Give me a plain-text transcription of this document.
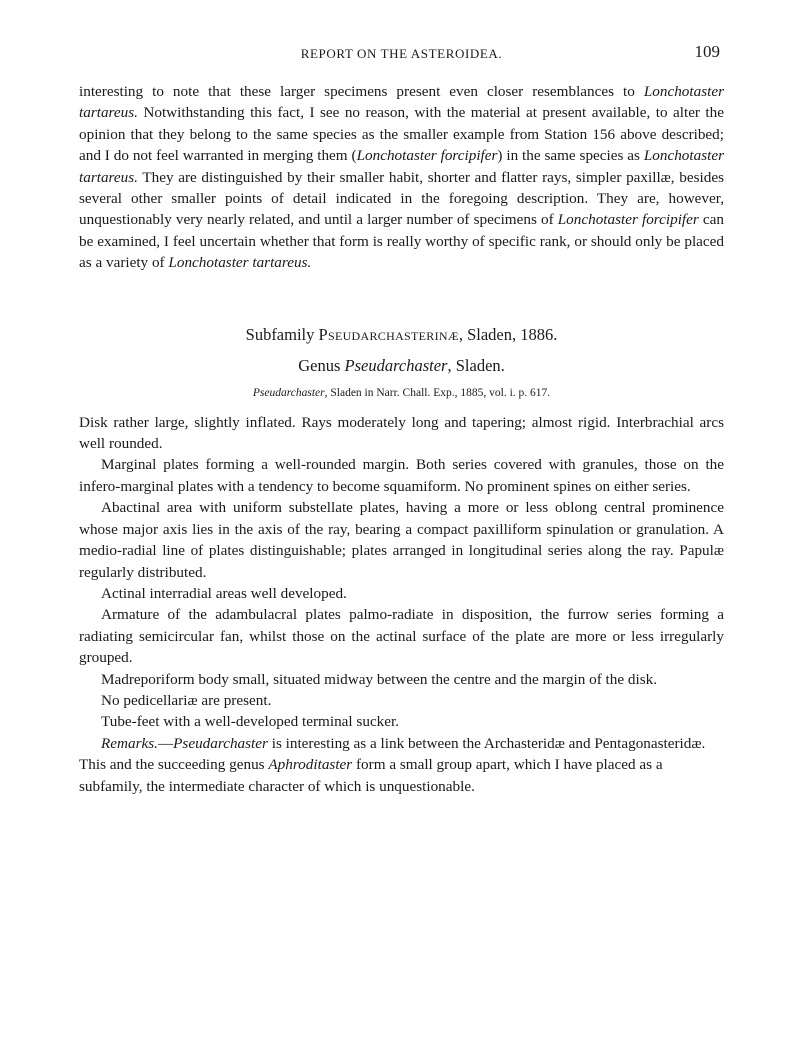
REPORT ON THE ASTEROIDEA.	109

interesting to note that these larger specimens present even closer resemblances to Lonchotaster tartareus. Notwithstanding this fact, I see no reason, with the material at present available, to alter the opinion that they belong to the same species as the smaller example from Station 156 above described; and I do not feel warranted in merging them (Lonchotaster forcipifer) in the same species as Lonchotaster tartareus. They are distinguished by their smaller habit, shorter and flatter rays, simpler paxillæ, besides several other smaller points of detail indicated in the foregoing description. They are, however, unquestionably very nearly related, and until a larger number of specimens of Lonchotaster forcipifer can be examined, I feel uncertain whether that form is really worthy of specific rank, or should only be placed as a variety of Lonchotaster tartareus.

Subfamily Pseudarchasterinæ, Sladen, 1886.
Genus Pseudarchaster, Sladen.
Pseudarchaster, Sladen in Narr. Chall. Exp., 1885, vol. i. p. 617.

Disk rather large, slightly inflated. Rays moderately long and tapering; almost rigid. Interbrachial arcs well rounded.

Marginal plates forming a well-rounded margin. Both series covered with granules, those on the infero-marginal plates with a tendency to become squamiform. No prominent spines on either series.

Abactinal area with uniform substellate plates, having a more or less oblong central prominence whose major axis lies in the axis of the ray, bearing a compact paxilliform spinulation or granulation. A medio-radial line of plates distinguishable; plates arranged in longitudinal series along the ray. Papulæ regularly distributed.

Actinal interradial areas well developed.

Armature of the adambulacral plates palmo-radiate in disposition, the furrow series forming a radiating semicircular fan, whilst those on the actinal surface of the plate are more or less irregularly grouped.

Madreporiform body small, situated midway between the centre and the margin of the disk.

No pedicellariæ are present.

Tube-feet with a well-developed terminal sucker.

Remarks.—Pseudarchaster is interesting as a link between the Archasteridæ and Pentagonasteridæ. This and the succeeding genus Aphroditaster form a small group apart, which I have placed as a subfamily, the intermediate character of which is unquestionable.
